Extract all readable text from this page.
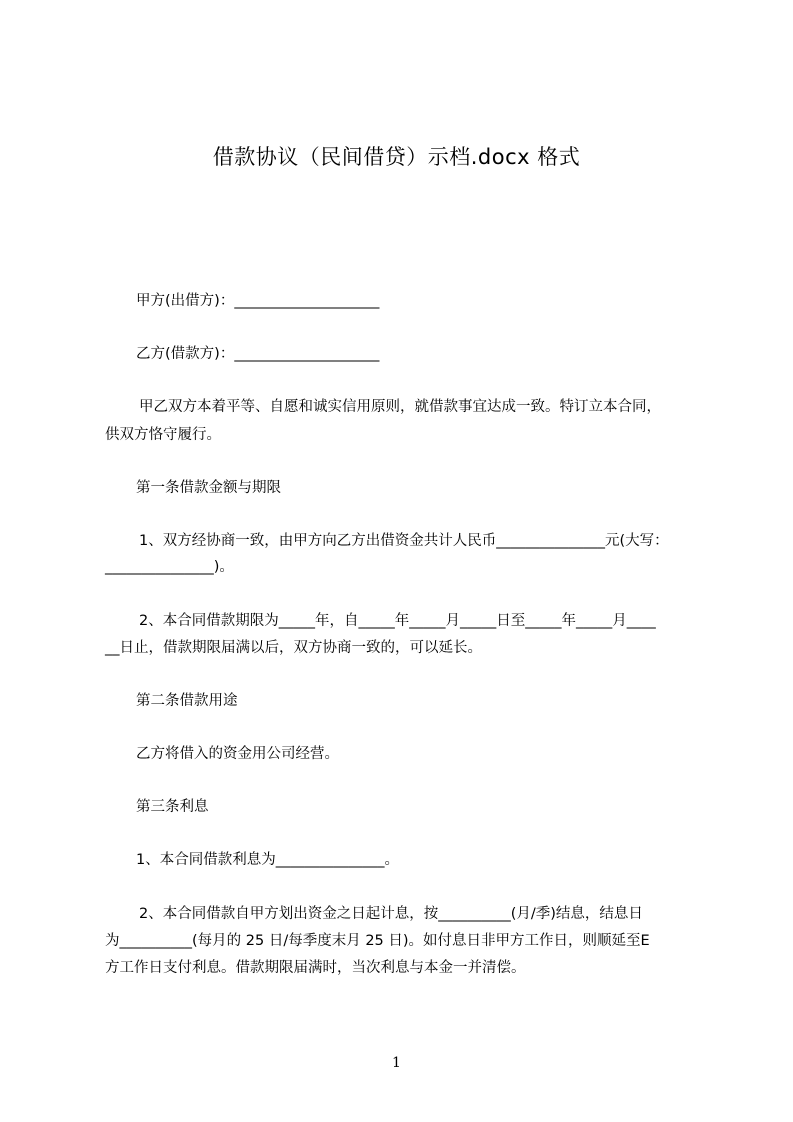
借款协议（民间借贷）示档.docx 格式
甲方(出借方)：____________________
乙方(借款方)：____________________
甲乙双方本着平等、自愿和诚实信用原则，就借款事宜达成一致。特订立本合同，
供双方恪守履行。
第一条借款金额与期限
1、双方经协商一致，由甲方向乙方出借资金共计人民币_______________元(大写：
_______________)。
2、本合同借款期限为_____年，自_____年_____月_____日至_____年_____月____
__日止，借款期限届满以后，双方协商一致的，可以延长。
第二条借款用途
乙方将借入的资金用公司经营。
第三条利息
1、本合同借款利息为_______________。
2、本合同借款自甲方划出资金之日起计息，按__________(月/季)结息，结息日
为__________(每月的 25 日/每季度末月 25 日)。如付息日非甲方工作日，则顺延至E
方工作日支付利息。借款期限届满时，当次利息与本金一并清偿。
1
